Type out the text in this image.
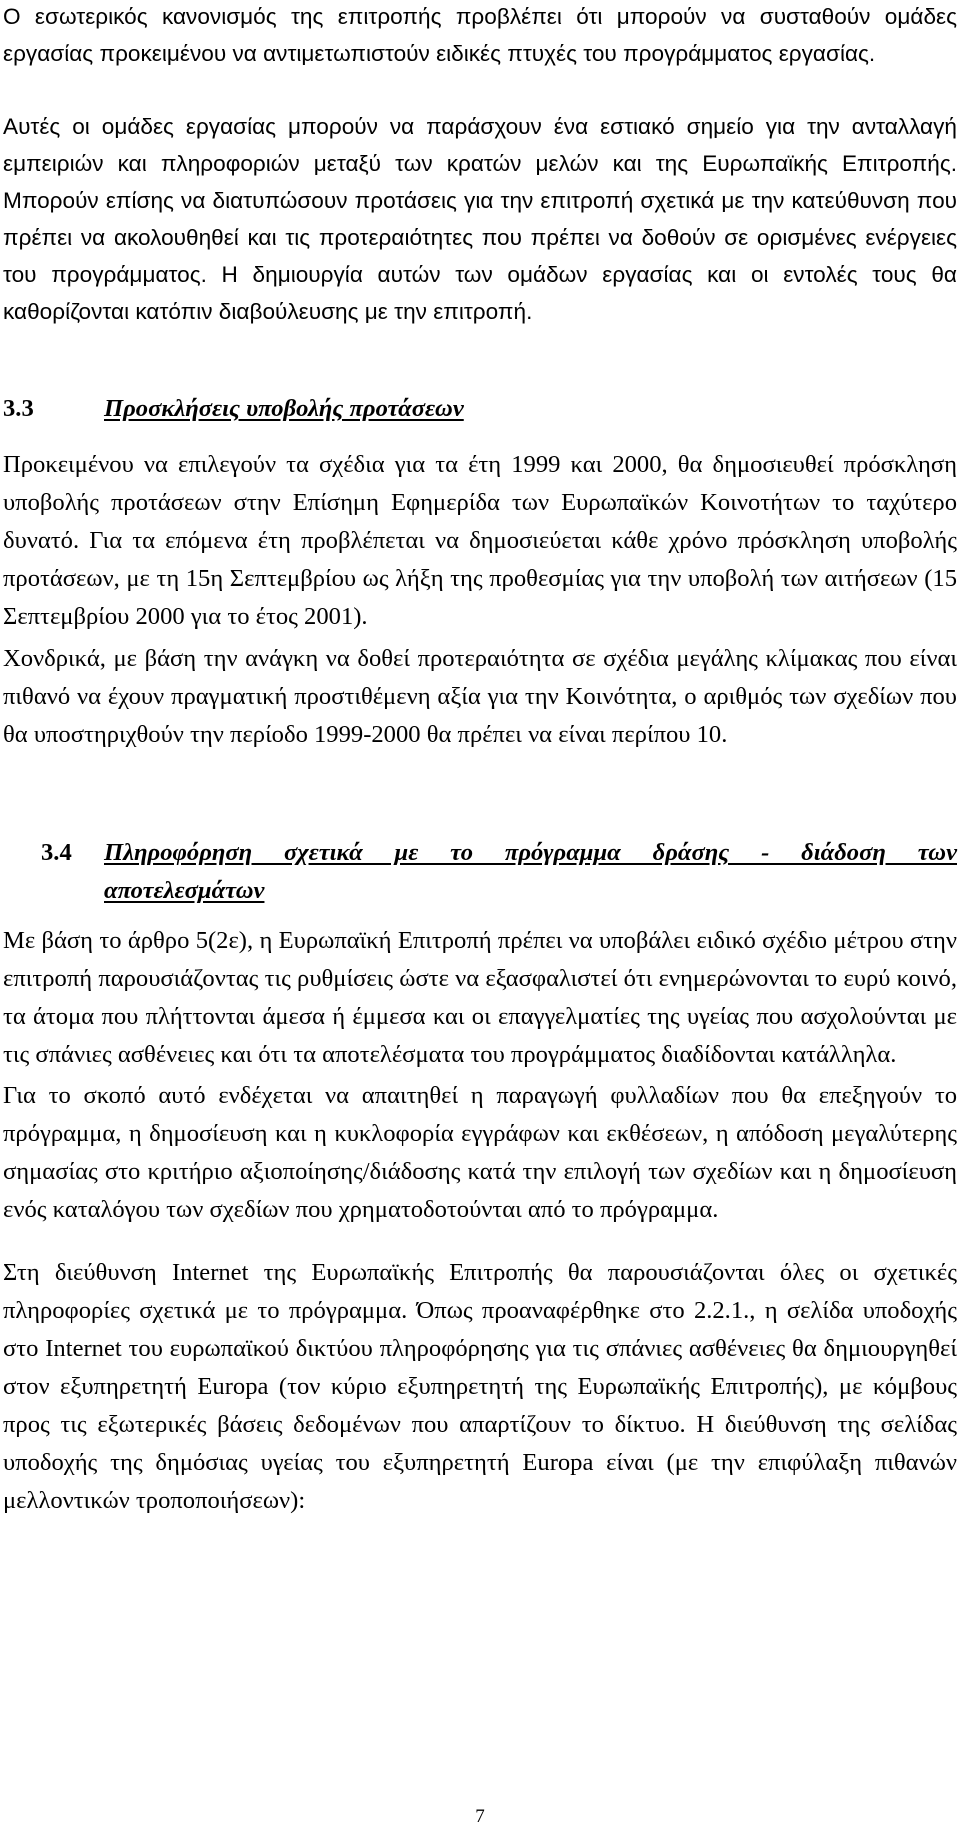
Ο εσωτερικός κανονισμός της επιτροπής προβλέπει ότι μπορούν να συσταθούν ομάδες εργασίας προκειμένου να αντιμετωπιστούν ειδικές πτυχές του προγράμματος εργασίας.

Αυτές οι ομάδες εργασίας μπορούν να παράσχουν ένα εστιακό σημείο για την ανταλλαγή εμπειριών και πληροφοριών μεταξύ των κρατών μελών και της Ευρωπαϊκής Επιτροπής. Μπορούν επίσης να διατυπώσουν προτάσεις για την επιτροπή σχετικά με την κατεύθυνση που πρέπει να ακολουθηθεί και τις προτεραιότητες που πρέπει να δοθούν σε ορισμένες ενέργειες του προγράμματος. Η δημιουργία αυτών των ομάδων εργασίας και οι εντολές τους θα καθορίζονται κατόπιν διαβούλευσης με την επιτροπή.

3.3	Προσκλήσεις υποβολής προτάσεων

Προκειμένου να επιλεγούν τα σχέδια για τα έτη 1999 και 2000, θα δημοσιευθεί πρόσκληση υποβολής προτάσεων στην Επίσημη Εφημερίδα των Ευρωπαϊκών Κοινοτήτων το ταχύτερο δυνατό. Για τα επόμενα έτη προβλέπεται να δημοσιεύεται κάθε χρόνο πρόσκληση υποβολής προτάσεων, με τη 15η Σεπτεμβρίου ως λήξη της προθεσμίας για την υποβολή των αιτήσεων (15 Σεπτεμβρίου 2000 για το έτος 2001).

Χονδρικά, με βάση την ανάγκη να δοθεί προτεραιότητα σε σχέδια μεγάλης κλίμακας που είναι πιθανό να έχουν πραγματική προστιθέμενη αξία για την Κοινότητα, ο αριθμός των σχεδίων που θα υποστηριχθούν την περίοδο 1999-2000 θα πρέπει να είναι περίπου 10.

3.4 Πληροφόρηση σχετικά με το πρόγραμμα δράσης - διάδοση των
αποτελεσμάτων

Με βάση το άρθρο 5(2ε), η Ευρωπαϊκή Επιτροπή πρέπει να υποβάλει ειδικό σχέδιο μέτρου στην επιτροπή παρουσιάζοντας τις ρυθμίσεις ώστε να εξασφαλιστεί ότι ενημερώνονται το ευρύ κοινό, τα άτομα που πλήττονται άμεσα ή έμμεσα και οι επαγγελματίες της υγείας που ασχολούνται με τις σπάνιες ασθένειες και ότι τα αποτελέσματα του προγράμματος διαδίδονται κατάλληλα.

Για το σκοπό αυτό ενδέχεται να απαιτηθεί η παραγωγή φυλλαδίων που θα επεξηγούν το πρόγραμμα, η δημοσίευση και η κυκλοφορία εγγράφων και εκθέσεων, η απόδοση μεγαλύτερης σημασίας στο κριτήριο αξιοποίησης/διάδοσης κατά την επιλογή των σχεδίων και η δημοσίευση ενός καταλόγου των σχεδίων που χρηματοδοτούνται από το πρόγραμμα.

Στη διεύθυνση Internet της Ευρωπαϊκής Επιτροπής θα παρουσιάζονται όλες οι σχετικές πληροφορίες σχετικά με το πρόγραμμα. Όπως προαναφέρθηκε στο 2.2.1., η σελίδα υποδοχής στο Internet του ευρωπαϊκού δικτύου πληροφόρησης για τις σπάνιες ασθένειες θα δημιουργηθεί στον εξυπηρετητή Europa (τον κύριο εξυπηρετητή της Ευρωπαϊκής Επιτροπής), με κόμβους προς τις εξωτερικές βάσεις δεδομένων που απαρτίζουν το δίκτυο. Η διεύθυνση της σελίδας υποδοχής της δημόσιας υγείας του εξυπηρετητή Europa είναι (με την επιφύλαξη πιθανών μελλοντικών τροποποιήσεων):

7
